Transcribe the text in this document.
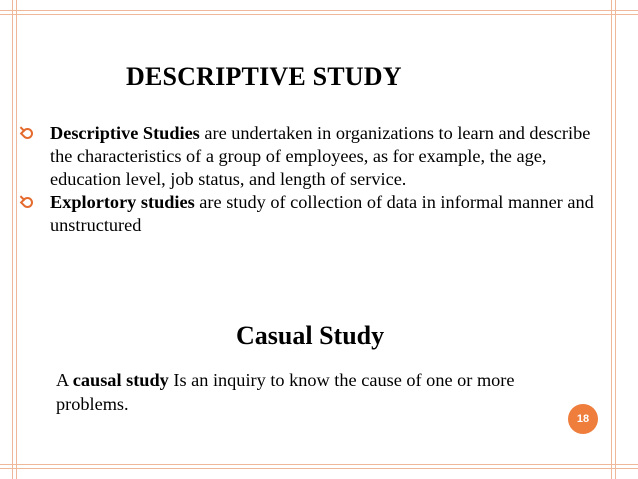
DESCRIPTIVE STUDY
Descriptive Studies are undertaken in organizations to learn and describe the characteristics of a group of employees, as for example, the age, education level, job status, and length of service.
Explortory studies are study of collection of data in informal manner and unstructured
Casual Study
A causal study Is an inquiry to know the cause of one or more problems.
18
